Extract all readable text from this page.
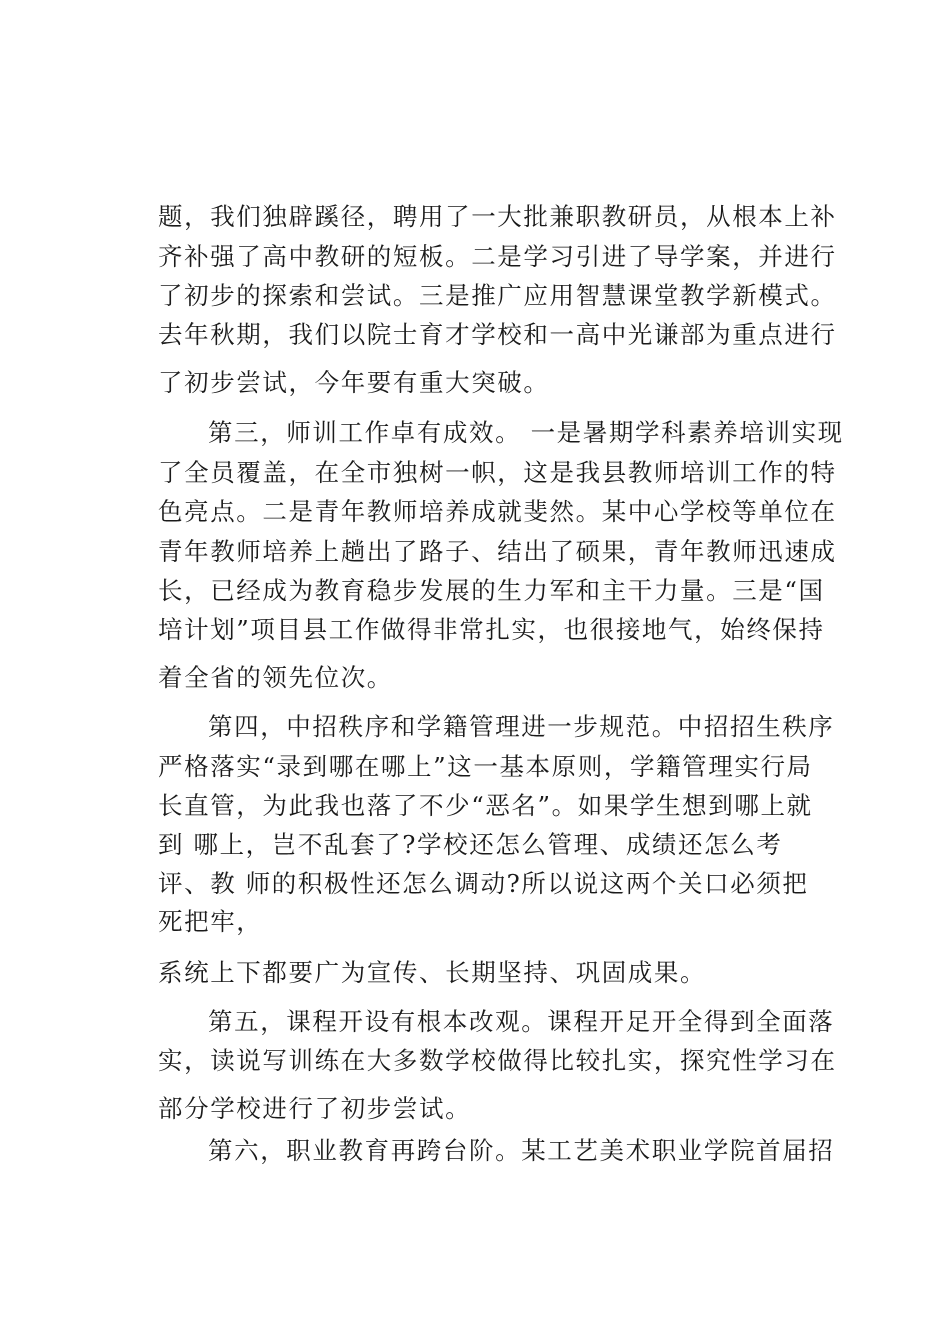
题，我们独辟蹊径，聘用了一大批兼职教研员，从根本上补
齐补强了高中教研的短板。二是学习引进了导学案，并进行
了初步的探索和尝试。三是推广应用智慧课堂教学新模式。
去年秋期，我们以院士育才学校和一高中光谦部为重点进行
了初步尝试，今年要有重大突破。
第三，师训工作卓有成效。 一是暑期学科素养培训实现
了全员覆盖，在全市独树一帜，这是我县教师培训工作的特
色亮点。二是青年教师培养成就斐然。某中心学校等单位在
青年教师培养上趟出了路子、结出了硕果，青年教师迅速成
长，已经成为教育稳步发展的生力军和主干力量。三是“国
培计划”项目县工作做得非常扎实，也很接地气，始终保持
着全省的领先位次。
第四，中招秩序和学籍管理进一步规范。中招招生秩序
严格落实“录到哪在哪上”这一基本原则，学籍管理实行局
长直管，为此我也落了不少“恶名”。如果学生想到哪上就
到 哪上，岂不乱套了?学校还怎么管理、成绩还怎么考
评、教 师的积极性还怎么调动?所以说这两个关口必须把
死把牢，
系统上下都要广为宣传、长期坚持、巩固成果。
第五，课程开设有根本改观。课程开足开全得到全面落
实，读说写训练在大多数学校做得比较扎实，探究性学习在
部分学校进行了初步尝试。
第六，职业教育再跨台阶。某工艺美术职业学院首届招
